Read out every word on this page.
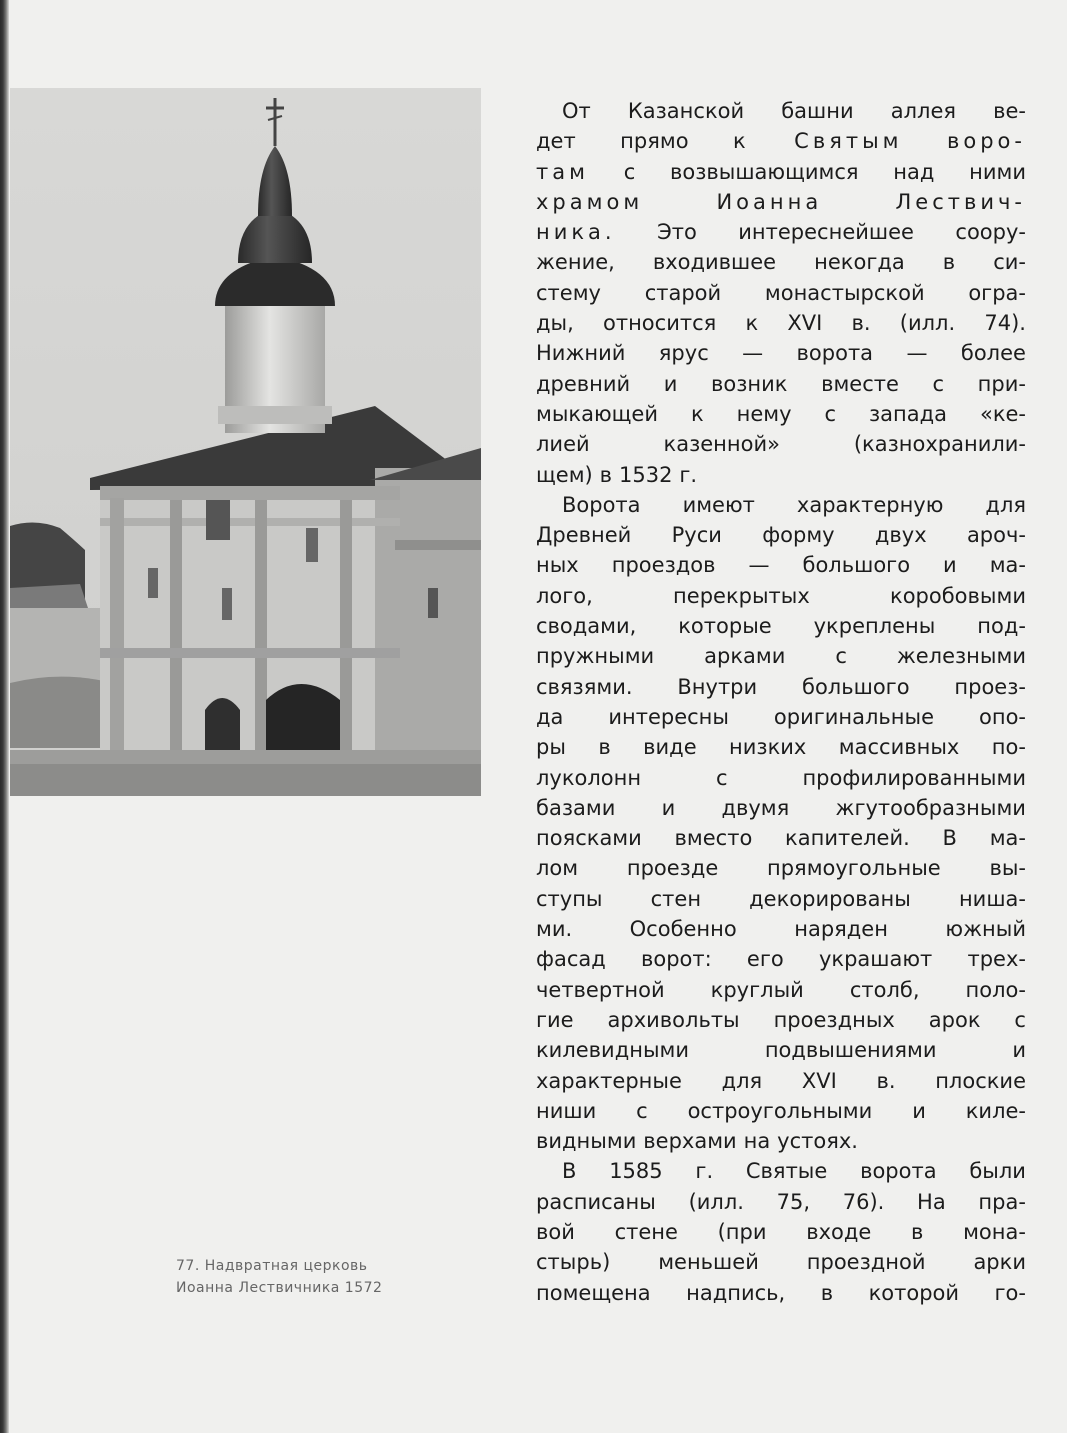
77. Надвратная церковь
Иоанна Лествичника 1572
От Казанской башни аллея ве-
дет прямо к Святым воро-
там с возвышающимся над ними
храмом	Иоанна	Лествич-
ника. Это интереснейшее соору-
жение, входившее некогда в си-
стему старой монастырской огра-
ды, относится к XVI в. (илл. 74).
Нижний ярус — ворота — более
древний и возник вместе с при-
мыкающей к нему с запада «ке-
лией	казенной»	(казнохранили-
щем) в 1532 г.
Ворота имеют характерную для
Древней Руси форму двух aроч-
ных проездов — большого и ма-
лого,	перекрытых	коробовыми
сводами, которые укреплены под-
пружными арками с железными
связями. Внутри большого проез-
да интересны оригинальные опо-
ры в виде низких массивных по-
луколонн	с	профилированными
базами и двумя жгутообразными
поясками вместо капителей. В ма-
лом проезде прямоугольные вы-
ступы стен декорированы ниша-
ми.	Особенно	наряден	южный
фасад ворот: его украшают трех-
четвертной круглый столб, поло-
гие архивольты проездных арок с
килевидными	подвышениями	и
характерные для XVI в. плоские
ниши с остроугольными и киле-
видными верхами на устоях.
В 1585 г. Святые ворота были
расписаны (илл. 75, 76). На пра-
вой стене (при входе в мона-
стырь) меньшей проездной арки
помещена надпись, в которой го-
